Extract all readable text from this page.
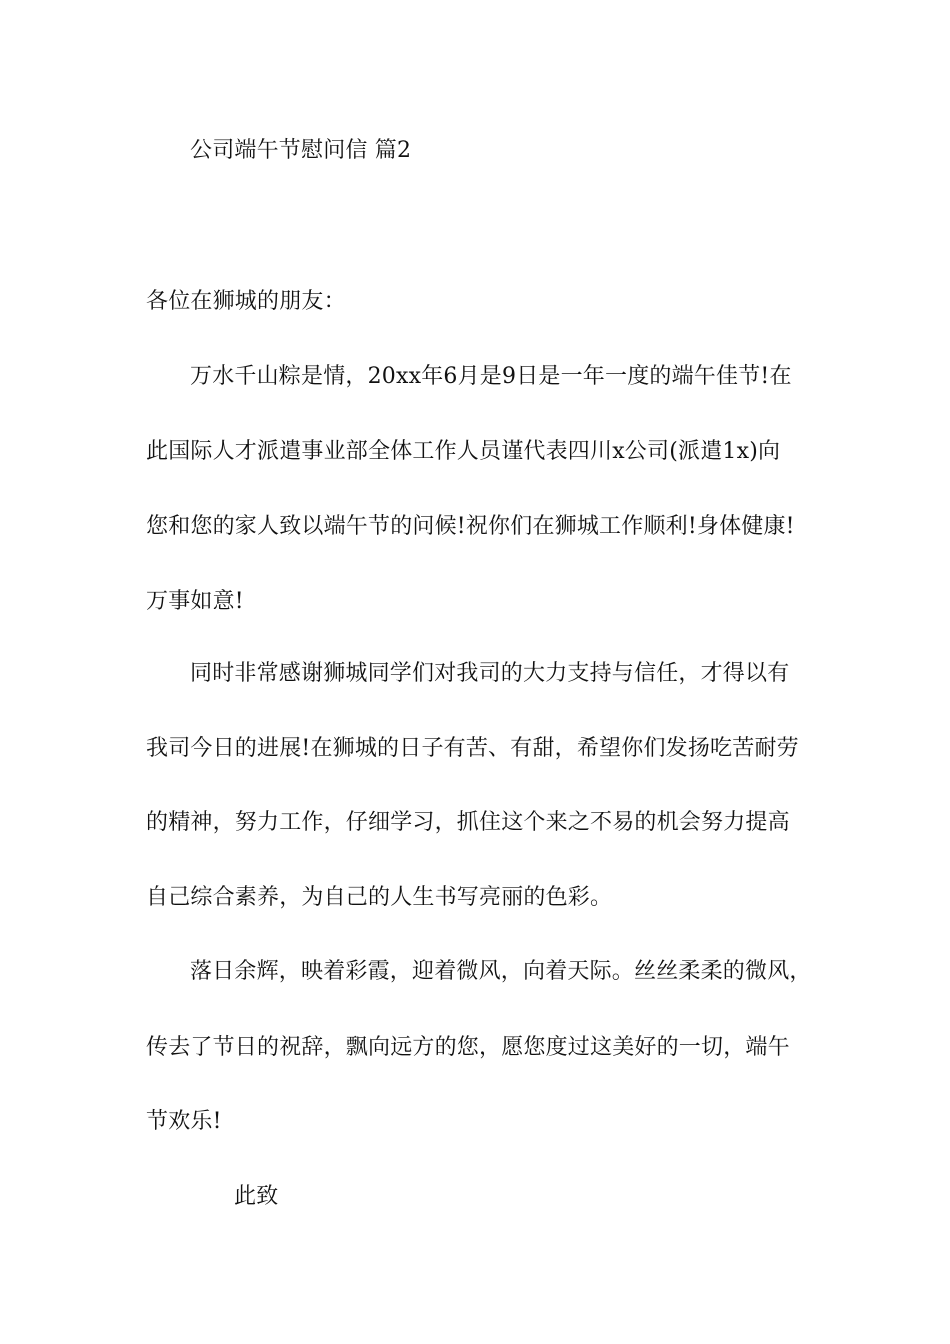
公司端午节慰问信 篇2
各位在狮城的朋友：
万水千山粽是情，20xx年6月是9日是一年一度的端午佳节!在
此国际人才派遣事业部全体工作人员谨代表四川x公司(派遣1x)向
您和您的家人致以端午节的问候!祝你们在狮城工作顺利!身体健康!
万事如意!
同时非常感谢狮城同学们对我司的大力支持与信任，才得以有
我司今日的进展!在狮城的日子有苦、有甜，希望你们发扬吃苦耐劳
的精神，努力工作，仔细学习，抓住这个来之不易的机会努力提高
自己综合素养，为自己的人生书写亮丽的色彩。
落日余辉，映着彩霞，迎着微风，向着天际。丝丝柔柔的微风，
传去了节日的祝辞，飘向远方的您，愿您度过这美好的一切，端午
节欢乐!
此致
